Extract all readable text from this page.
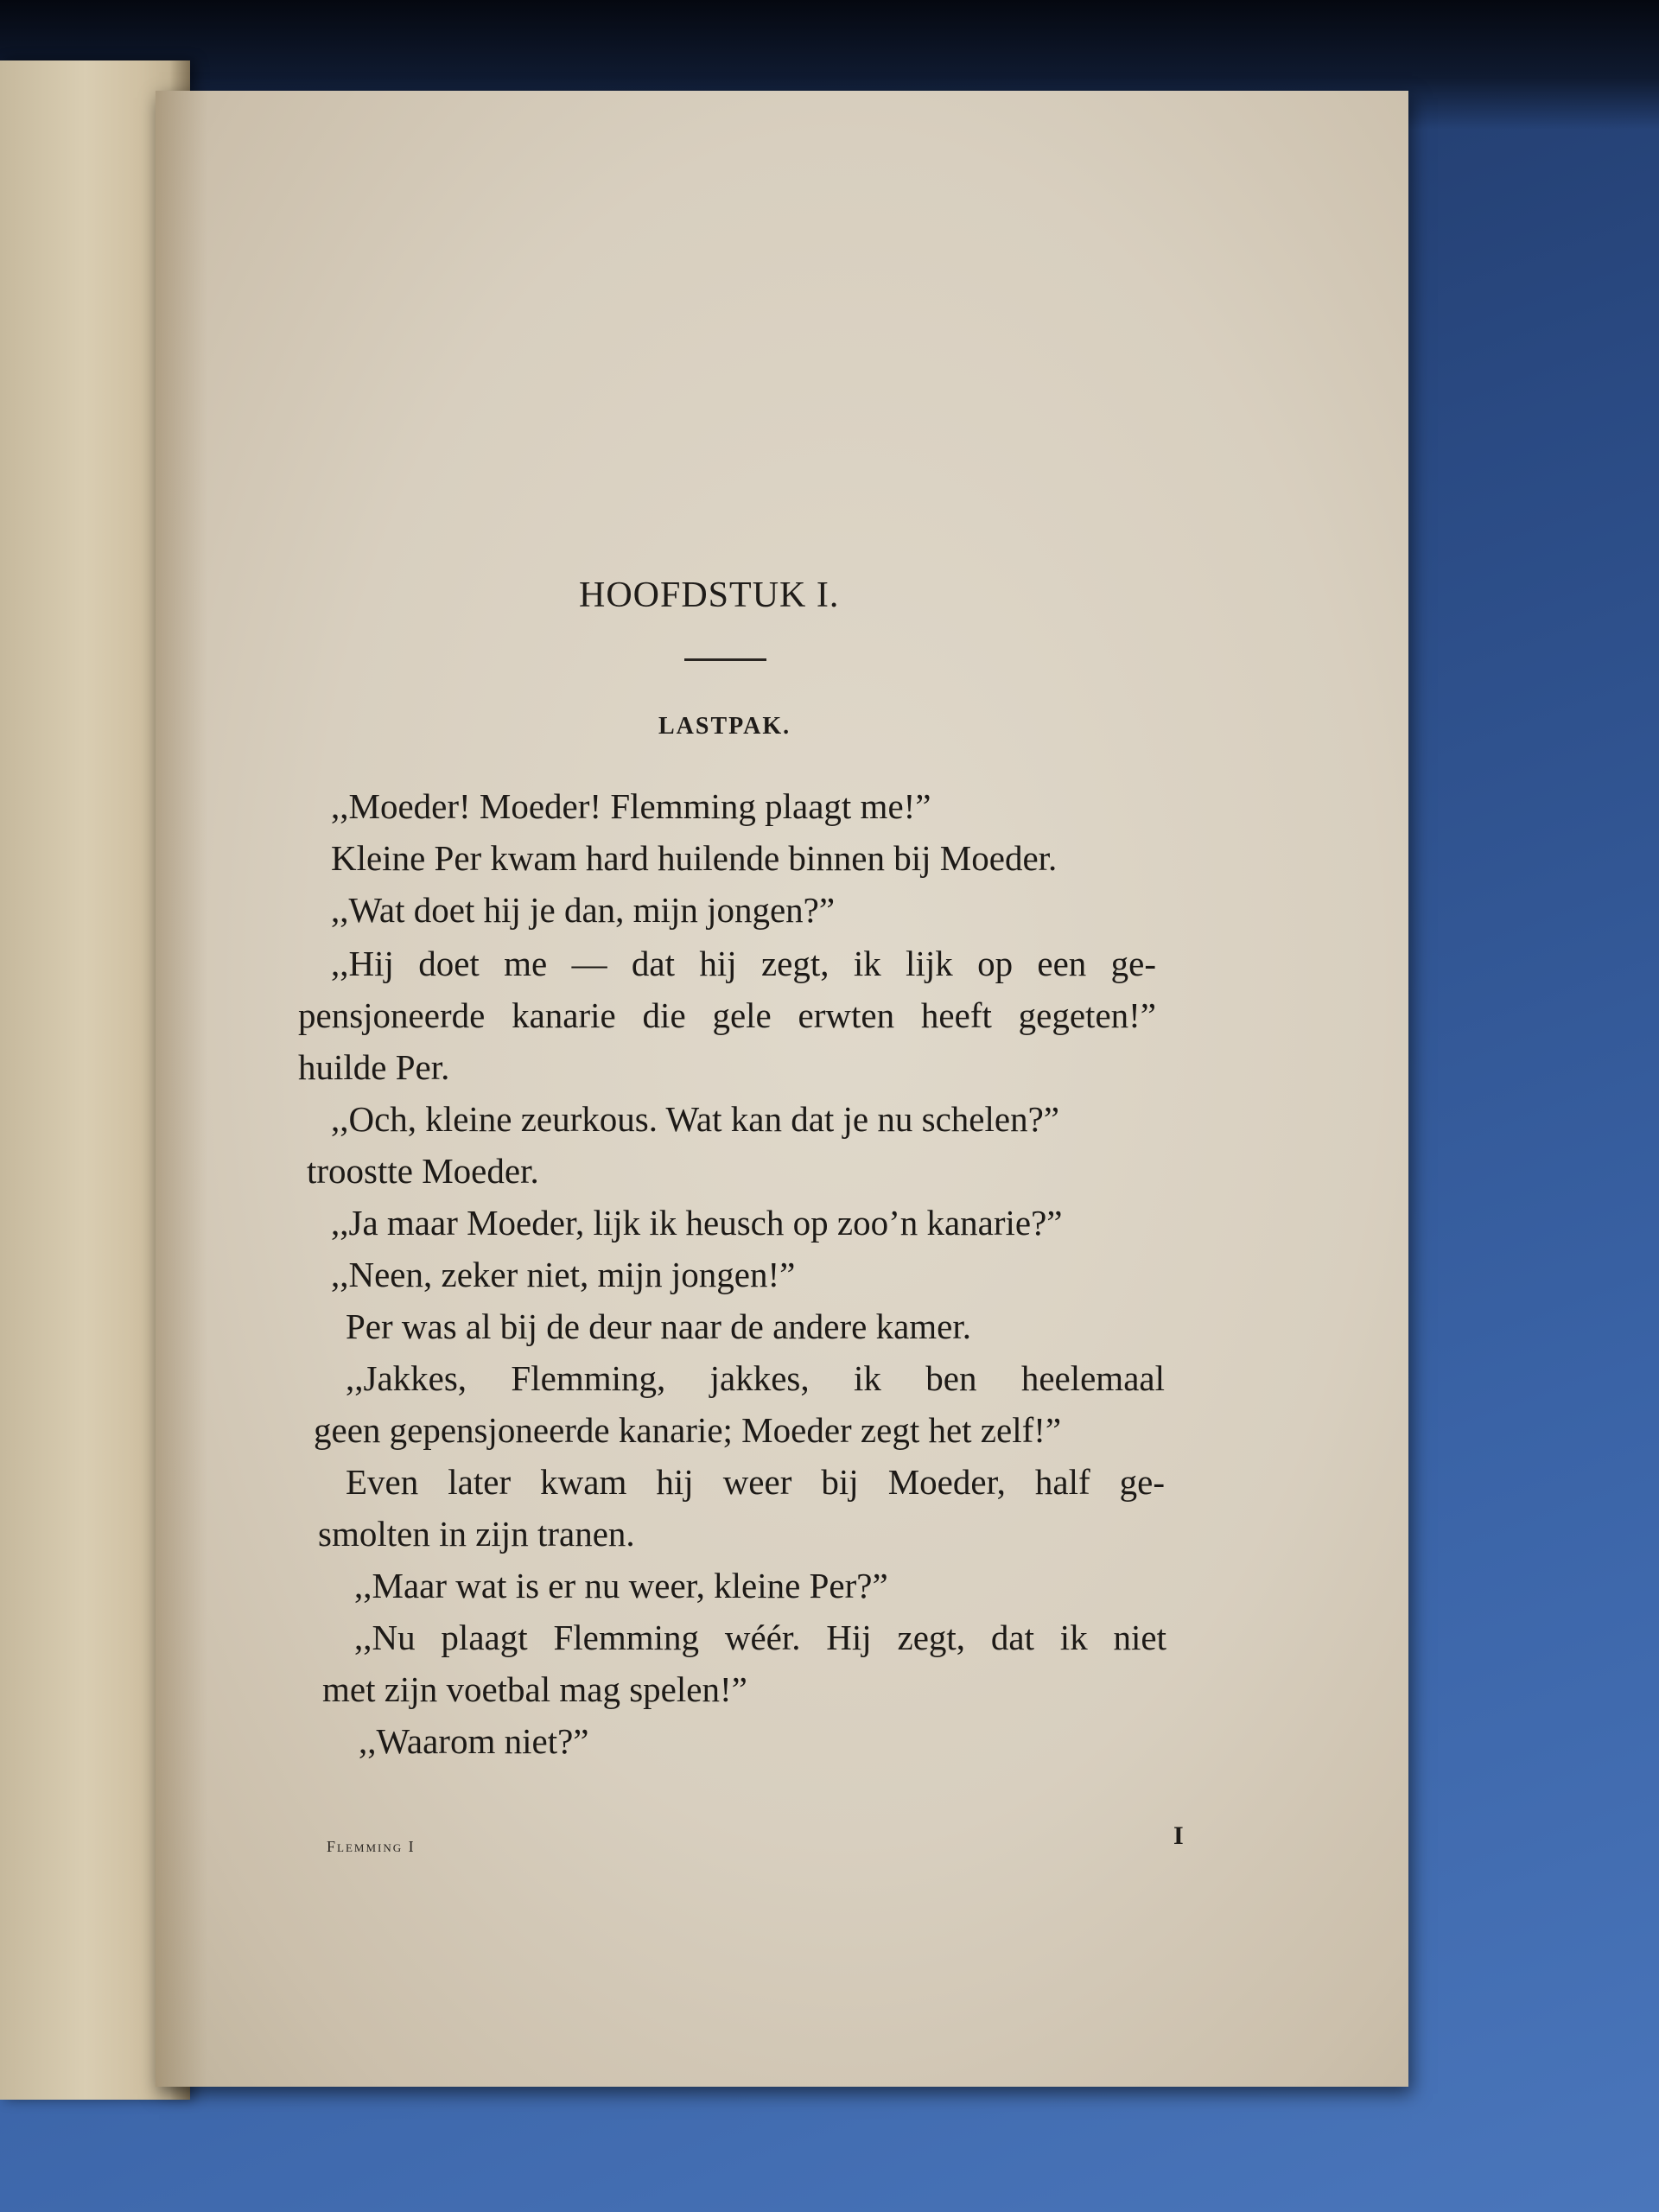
HOOFDSTUK I.
LASTPAK.
,,Moeder! Moeder! Flemming plaagt me!”
Kleine Per kwam hard huilende binnen bij Moeder.
,,Wat doet hij je dan, mijn jongen?”
,,Hij doet me — dat hij zegt, ik lijk op een ge-
pensjoneerde kanarie die gele erwten heeft gegeten!”
huilde Per.
,,Och, kleine zeurkous. Wat kan dat je nu schelen?”
troostte Moeder.
,,Ja maar Moeder, lijk ik heusch op zoo’n kanarie?”
,,Neen, zeker niet, mijn jongen!”
Per was al bij de deur naar de andere kamer.
,,Jakkes, Flemming, jakkes, ik ben heelemaal
geen gepensjoneerde kanarie; Moeder zegt het zelf!”
Even later kwam hij weer bij Moeder, half ge-
smolten in zijn tranen.
,,Maar wat is er nu weer, kleine Per?”
,,Nu plaagt Flemming wéér. Hij zegt, dat ik niet
met zijn voetbal mag spelen!”
,,Waarom niet?”
Flemming I	I
